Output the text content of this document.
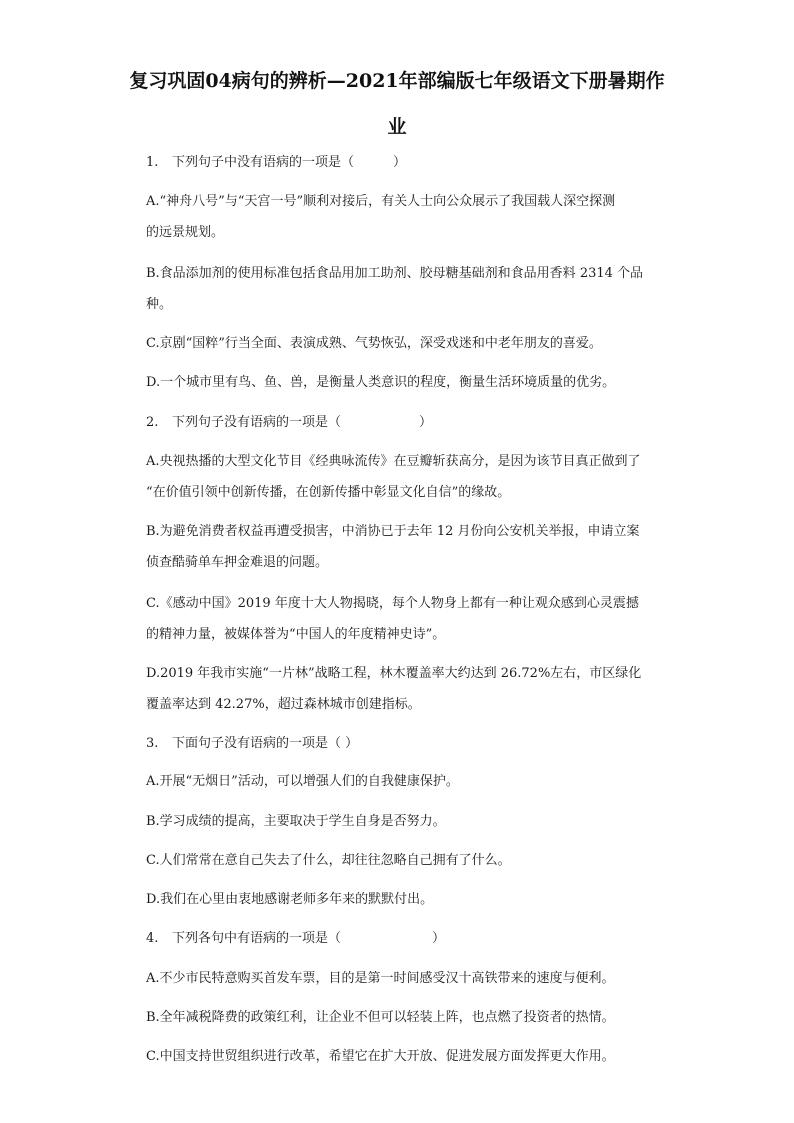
复习巩固04病句的辨析—2021年部编版七年级语文下册暑期作
业
1. 下列句子中没有语病的一项是（　　　）
A.“神舟八号”与“天宫一号”顺利对接后，有关人士向公众展示了我国载人深空探测
的远景规划。
B.食品添加剂的使用标准包括食品用加工助剂、胶母糖基础剂和食品用香料 2314 个品
种。
C.京剧“国粹”行当全面、表演成熟、气势恢弘，深受戏迷和中老年朋友的喜爱。
D.一个城市里有鸟、鱼、兽，是衡量人类意识的程度，衡量生活环境质量的优劣。
2. 下列句子没有语病的一项是（　　　　　　）
A.央视热播的大型文化节目《经典咏流传》在豆瓣斩获高分，是因为该节目真正做到了
“在价值引领中创新传播，在创新传播中彰显文化自信”的缘故。
B.为避免消费者权益再遭受损害，中消协已于去年 12 月份向公安机关举报，申请立案
侦查酷骑单车押金难退的问题。
C.《感动中国》2019 年度十大人物揭晓，每个人物身上都有一种让观众感到心灵震撼
的精神力量，被媒体誉为“中国人的年度精神史诗”。
D.2019 年我市实施“一片林”战略工程，林木覆盖率大约达到 26.72%左右，市区绿化
覆盖率达到 42.27%，超过森林城市创建指标。
3. 下面句子没有语病的一项是（ ）
A.开展“无烟日”活动，可以增强人们的自我健康保护。
B.学习成绩的提高，主要取决于学生自身是否努力。
C.人们常常在意自己失去了什么，却往往忽略自己拥有了什么。
D.我们在心里由衷地感谢老师多年来的默默付出。
4. 下列各句中有语病的一项是（　　　　　　　）
A.不少市民特意购买首发车票，目的是第一时间感受汉十高铁带来的速度与便利。
B.全年减税降费的政策红利，让企业不但可以轻装上阵，也点燃了投资者的热情。
C.中国支持世贸组织进行改革，希望它在扩大开放、促进发展方面发挥更大作用。
